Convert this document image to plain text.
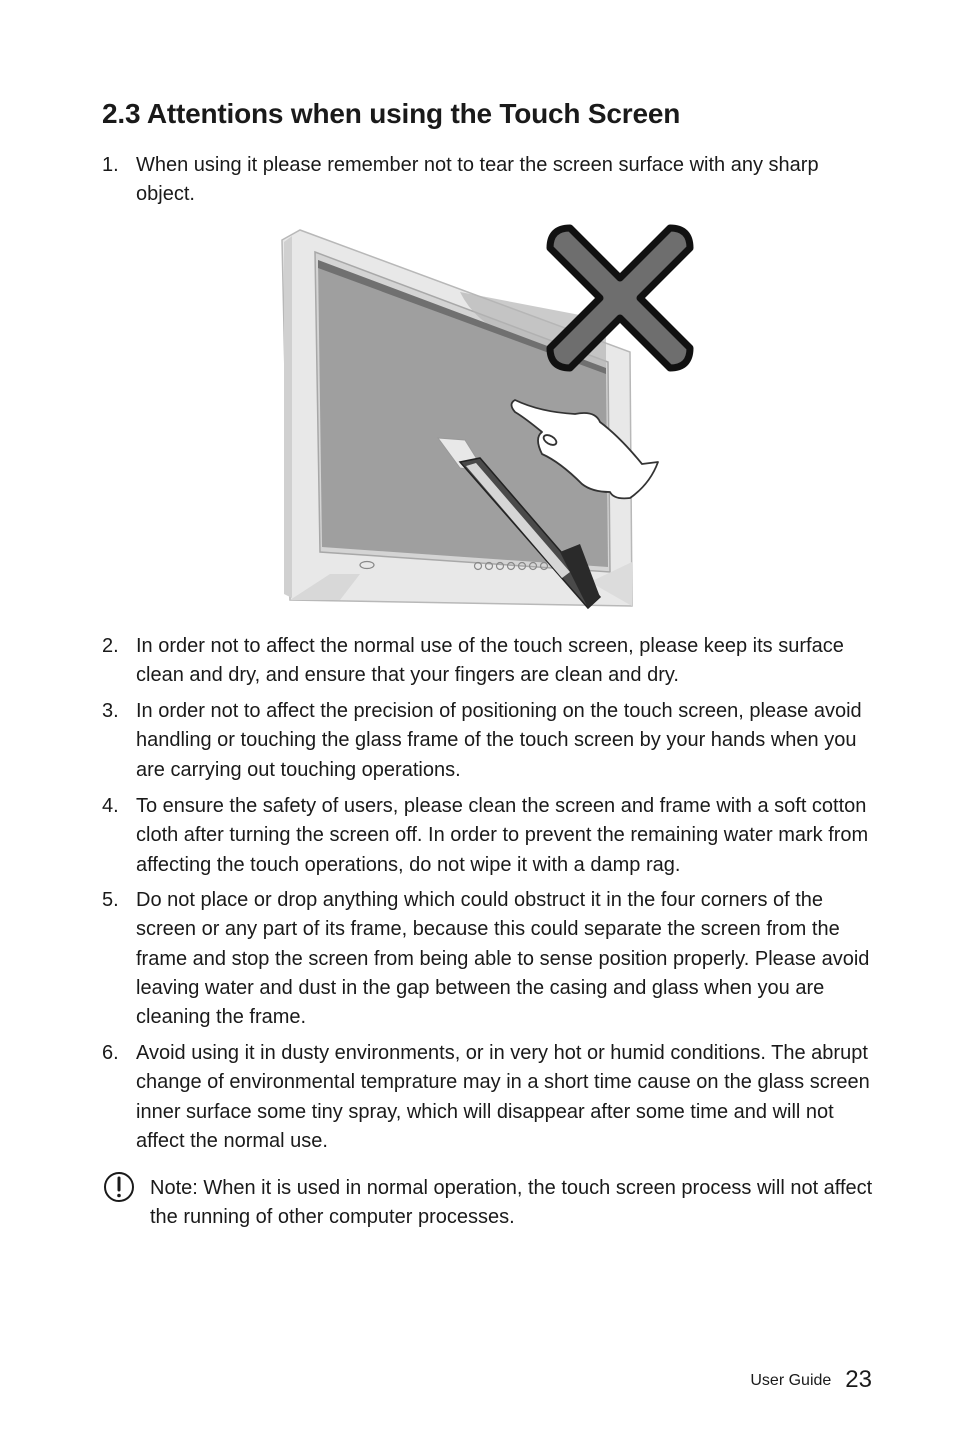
2.3 Attentions when using the Touch Screen
1. When using it please remember not to tear the screen surface with any sharp object.
2. In order not to affect the normal use of the touch screen, please keep its surface clean and dry, and ensure that your fingers are clean and dry.
3. In order not to affect the precision of positioning on the touch screen, please avoid handling or touching the glass frame of the touch screen by your hands when you are carrying out touching operations.
4. To ensure the safety of users, please clean the screen and frame with a soft cotton cloth after turning the screen off. In order to prevent the remaining water mark from affecting the touch operations, do not wipe it with a damp rag.
5. Do not place or drop anything which could obstruct it in the four corners of the screen or any part of its frame, because this could separate the screen from the frame and stop the screen from being able to sense position properly. Please avoid leaving water and dust in the gap between the casing and glass when you are cleaning the frame.
6. Avoid using it in dusty environments, or in very hot or humid conditions. The abrupt change of environmental temprature may in a short time cause on the glass screen inner surface some tiny spray, which will disappear after some time and will not affect the normal use.
Note: When it is used in normal operation, the touch screen process will not affect the running of other computer processes.
User Guide 23
